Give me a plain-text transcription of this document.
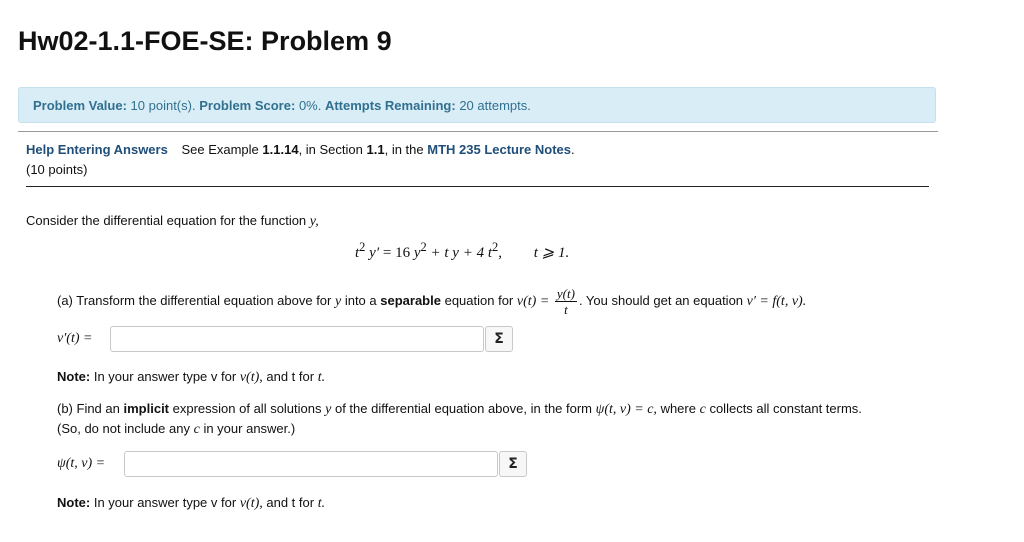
Hw02-1.1-FOE-SE: Problem 9
Problem Value: 10 point(s). Problem Score: 0%. Attempts Remaining: 20 attempts.
Help Entering Answers See Example 1.1.14, in Section 1.1, in the MTH 235 Lecture Notes.
(10 points)
Consider the differential equation for the function y,
$t^2$ y′ = 16 $y^2 + t$ y + 4 $t^2$, t ⩾ 1.
(a) Transform the differential equation above for y into a separable equation for $v(t) = \frac{y(t)}{t}$ . You should get an equation v′ = f(t, v).
v′(t) =	Σ
Note: In your answer type v for v(t), and t for t.
(b) Find an implicit expression of all solutions y of the differential equation above, in the form ψ(t, v) = c, where c collects all constant terms.
(So, do not include any c in your answer.)
ψ(t, v) =	Σ
Note: In your answer type v for v(t), and t for t.
